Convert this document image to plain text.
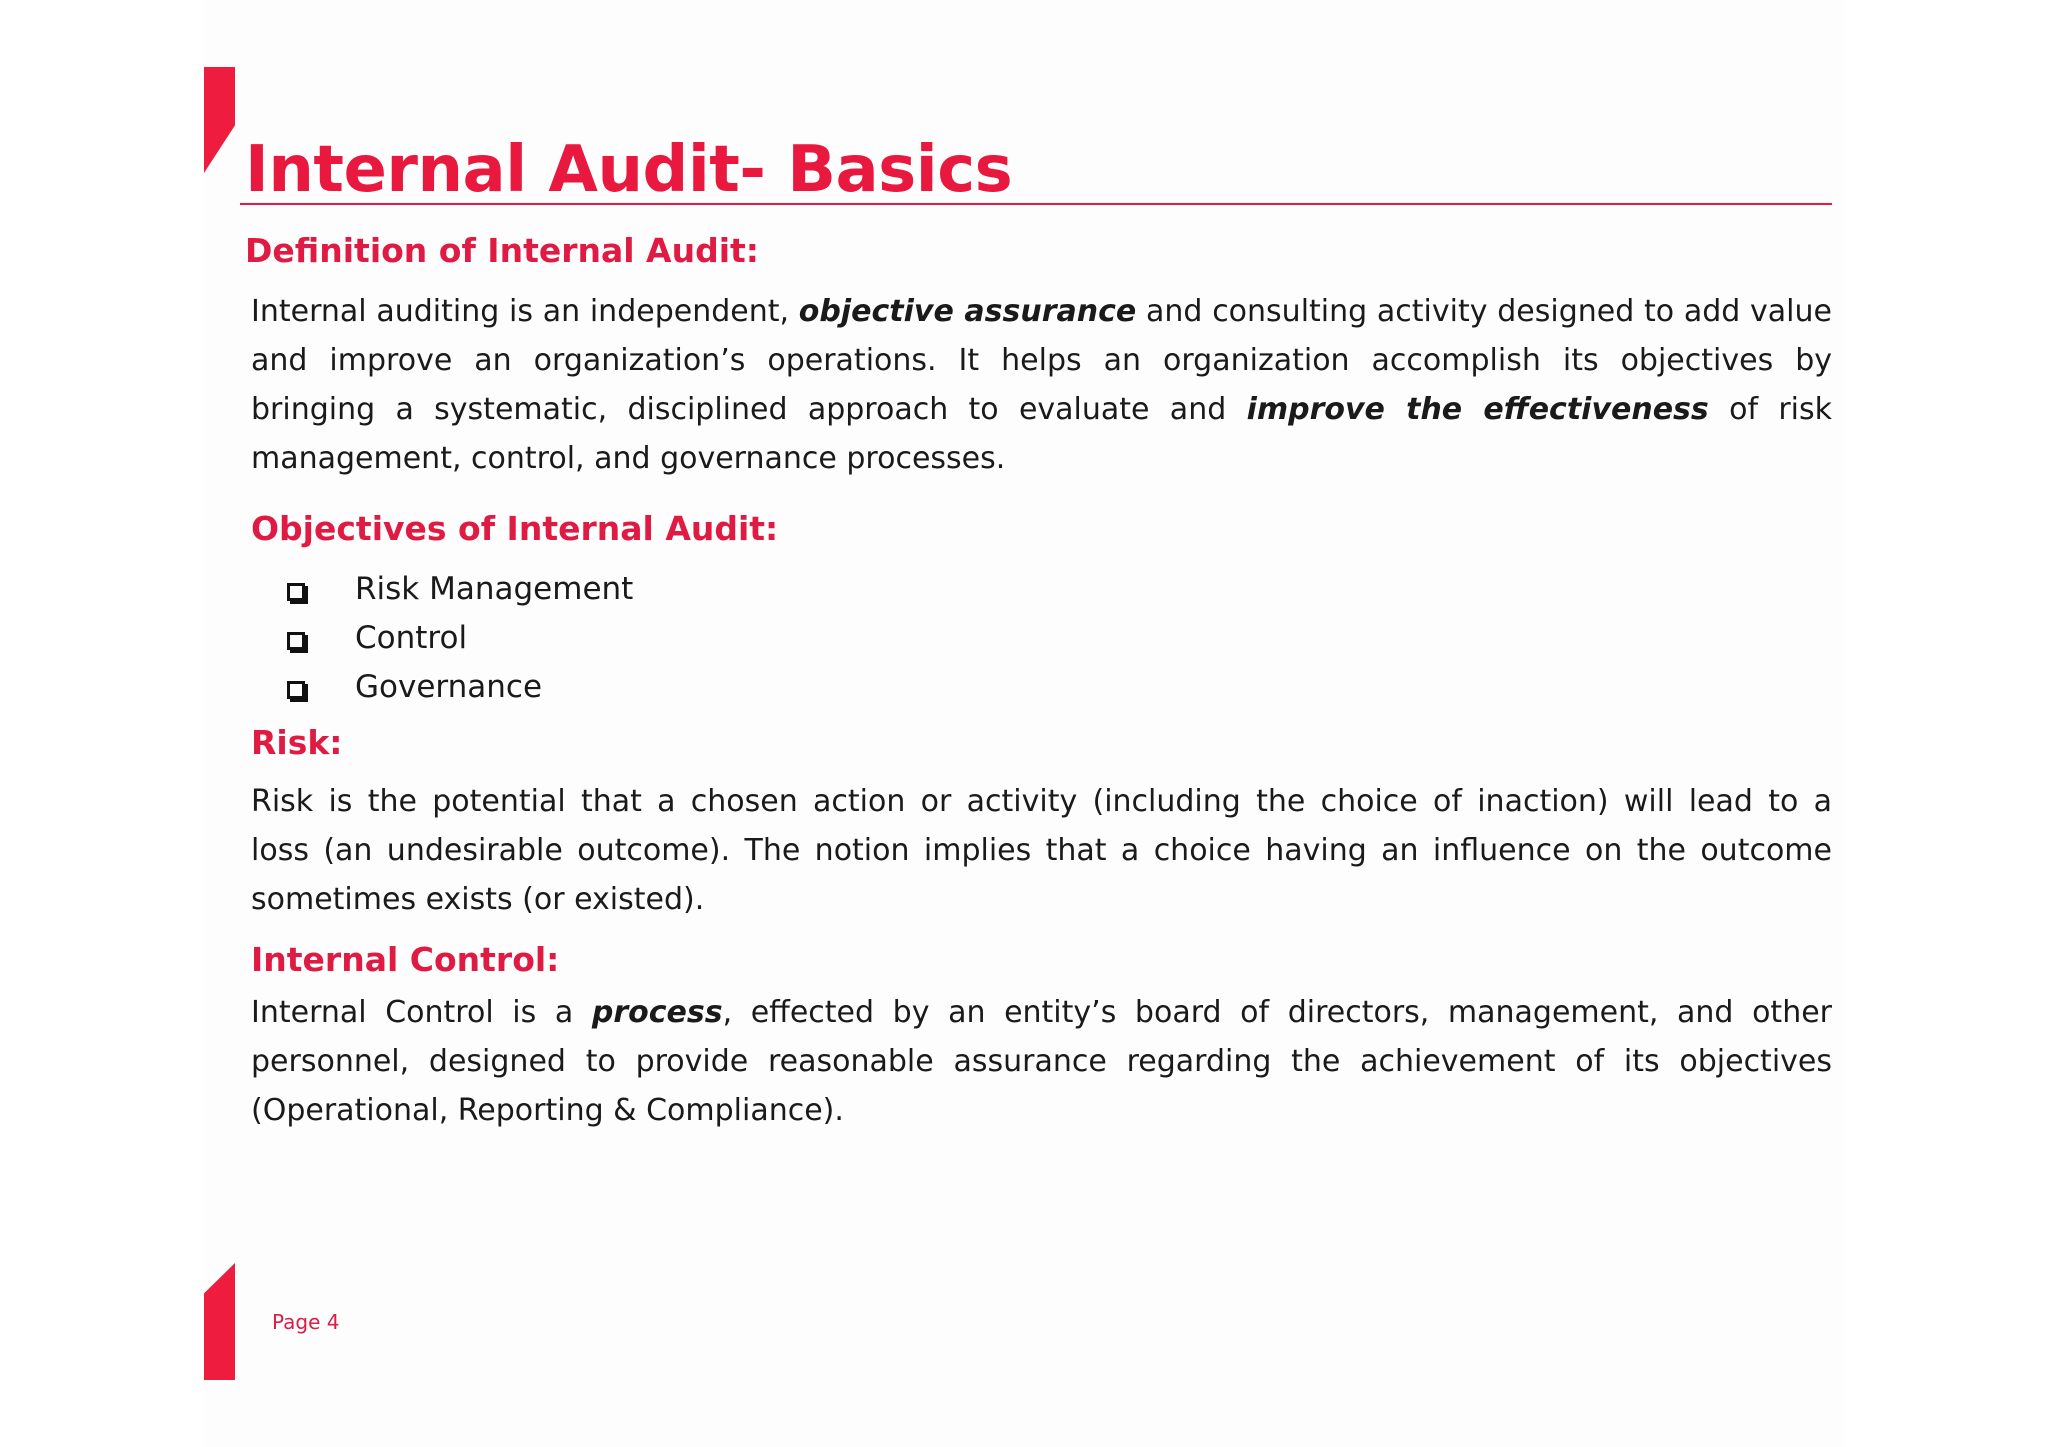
Internal Audit- Basics
Definition of Internal Audit:
Internal auditing is an independent, objective assurance and consulting activity designed to add value
and improve an organization’s operations. It helps an organization accomplish its objectives by
bringing a systematic, disciplined approach to evaluate and improve the effectiveness of risk
management, control, and governance processes.
Objectives of Internal Audit:
Risk Management
Control
Governance
Risk:
Risk is the potential that a chosen action or activity (including the choice of inaction) will lead to a
loss (an undesirable outcome). The notion implies that a choice having an influence on the outcome
sometimes exists (or existed).
Internal Control:
Internal Control is a process, effected by an entity’s board of directors, management, and other
personnel, designed to provide reasonable assurance regarding the achievement of its objectives
(Operational, Reporting & Compliance).
Page 4
